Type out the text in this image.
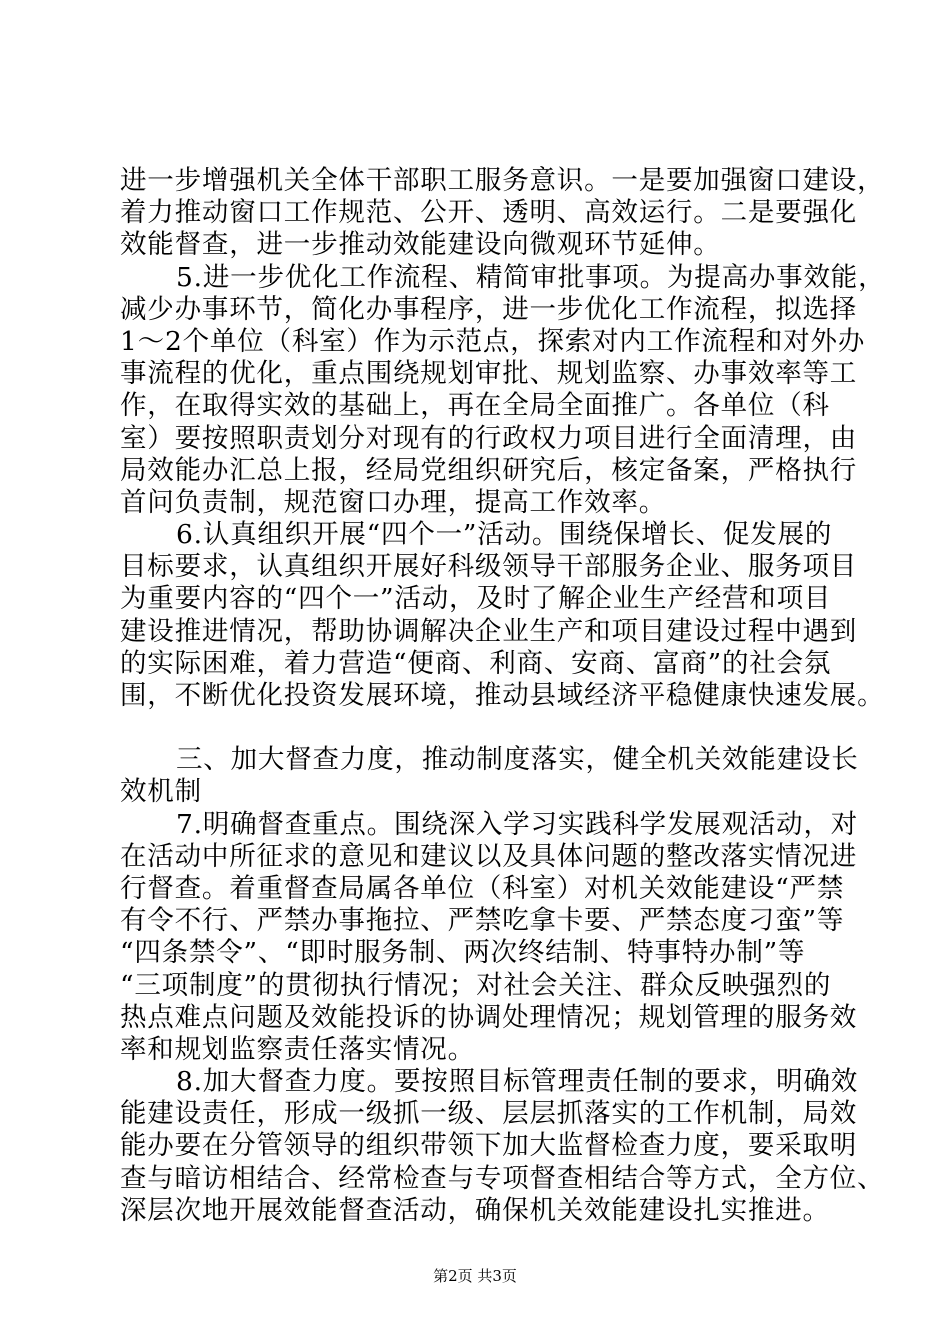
进一步增强机关全体干部职工服务意识。一是要加强窗口建设，
着力推动窗口工作规范、公开、透明、高效运行。二是要强化
效能督查，进一步推动效能建设向微观环节延伸。
5.进一步优化工作流程、精简审批事项。为提高办事效能，
减少办事环节，简化办事程序，进一步优化工作流程，拟选择
1～2个单位（科室）作为示范点，探索对内工作流程和对外办
事流程的优化，重点围绕规划审批、规划监察、办事效率等工
作，在取得实效的基础上，再在全局全面推广。各单位（科
室）要按照职责划分对现有的行政权力项目进行全面清理，由
局效能办汇总上报，经局党组织研究后，核定备案，严格执行
首问负责制，规范窗口办理，提高工作效率。
6.认真组织开展“四个一”活动。围绕保增长、促发展的
目标要求，认真组织开展好科级领导干部服务企业、服务项目
为重要内容的“四个一”活动，及时了解企业生产经营和项目
建设推进情况，帮助协调解决企业生产和项目建设过程中遇到
的实际困难，着力营造“便商、利商、安商、富商”的社会氛
围，不断优化投资发展环境，推动县域经济平稳健康快速发展。
三、加大督查力度，推动制度落实，健全机关效能建设长
效机制
7.明确督查重点。围绕深入学习实践科学发展观活动，对
在活动中所征求的意见和建议以及具体问题的整改落实情况进
行督查。着重督查局属各单位（科室）对机关效能建设“严禁
有令不行、严禁办事拖拉、严禁吃拿卡要、严禁态度刁蛮”等
“四条禁令”、“即时服务制、两次终结制、特事特办制”等
“三项制度”的贯彻执行情况；对社会关注、群众反映强烈的
热点难点问题及效能投诉的协调处理情况；规划管理的服务效
率和规划监察责任落实情况。
8.加大督查力度。要按照目标管理责任制的要求，明确效
能建设责任，形成一级抓一级、层层抓落实的工作机制，局效
能办要在分管领导的组织带领下加大监督检查力度，要采取明
查与暗访相结合、经常检查与专项督查相结合等方式，全方位、
深层次地开展效能督查活动，确保机关效能建设扎实推进。
第2页 共3页
